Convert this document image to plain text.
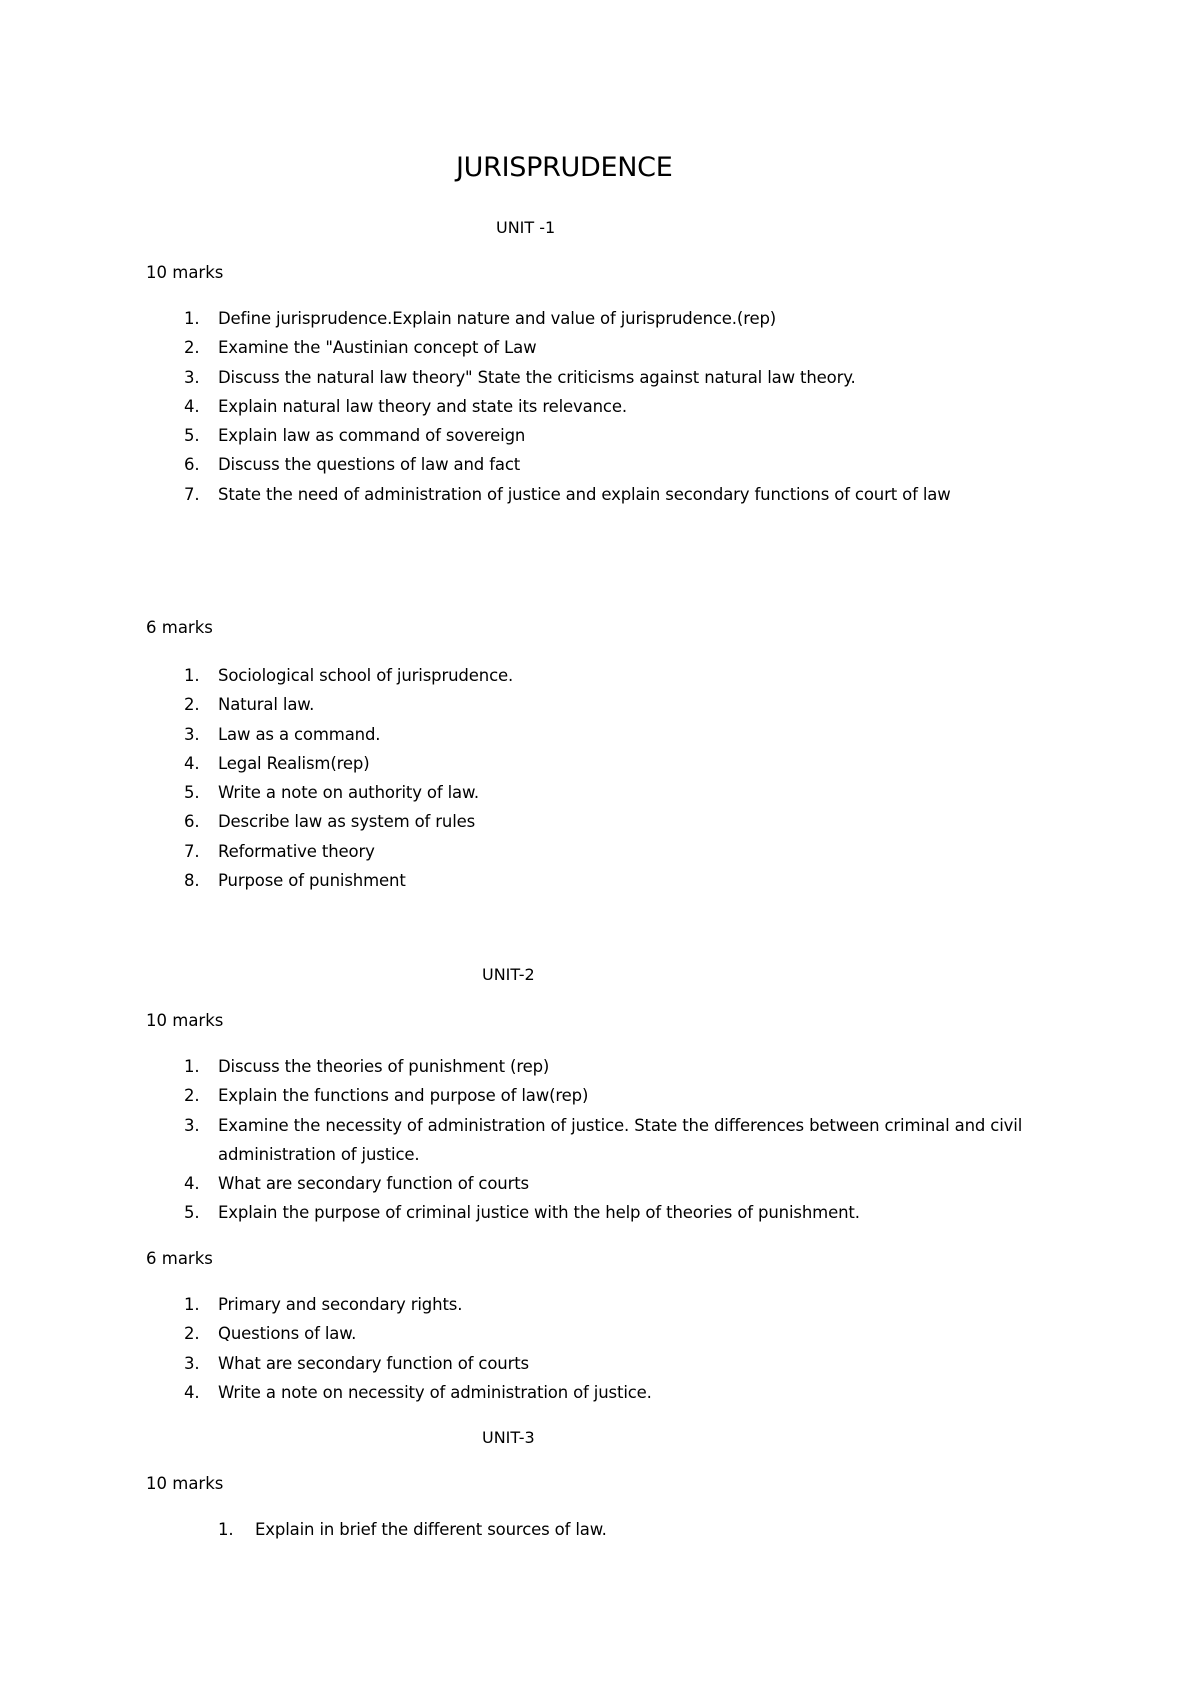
JURISPRUDENCE
UNIT -1
10 marks
1.	Define jurisprudence.Explain nature and value of jurisprudence.(rep)
2.	Examine the "Austinian concept of Law
3.	Discuss the natural law theory" State the criticisms against natural law theory.
4.	Explain natural law theory and state its relevance.
5.	Explain law as command of sovereign
6.	Discuss the questions of law and fact
7.	State the need of administration of justice and explain secondary functions of court of law
6 marks
1.	Sociological school of jurisprudence.
2.	Natural law.
3.	Law as a command.
4.	Legal Realism(rep)
5.	Write a note on authority of law.
6.	Describe law as system of rules
7.	Reformative theory
8.	Purpose of punishment
UNIT-2
10 marks
1.	Discuss the theories of punishment (rep)
2.	Explain the functions and purpose of law(rep)
3.	Examine the necessity of administration of justice. State the differences between criminal and civil administration of justice.
4.	What are secondary function of courts
5.	Explain the purpose of criminal justice with the help of theories of punishment.
6 marks
1.	Primary and secondary rights.
2.	Questions of law.
3.	What are secondary function of courts
4.	Write a note on necessity of administration of justice.
UNIT-3
10 marks
1.	Explain in brief the different sources of law.
